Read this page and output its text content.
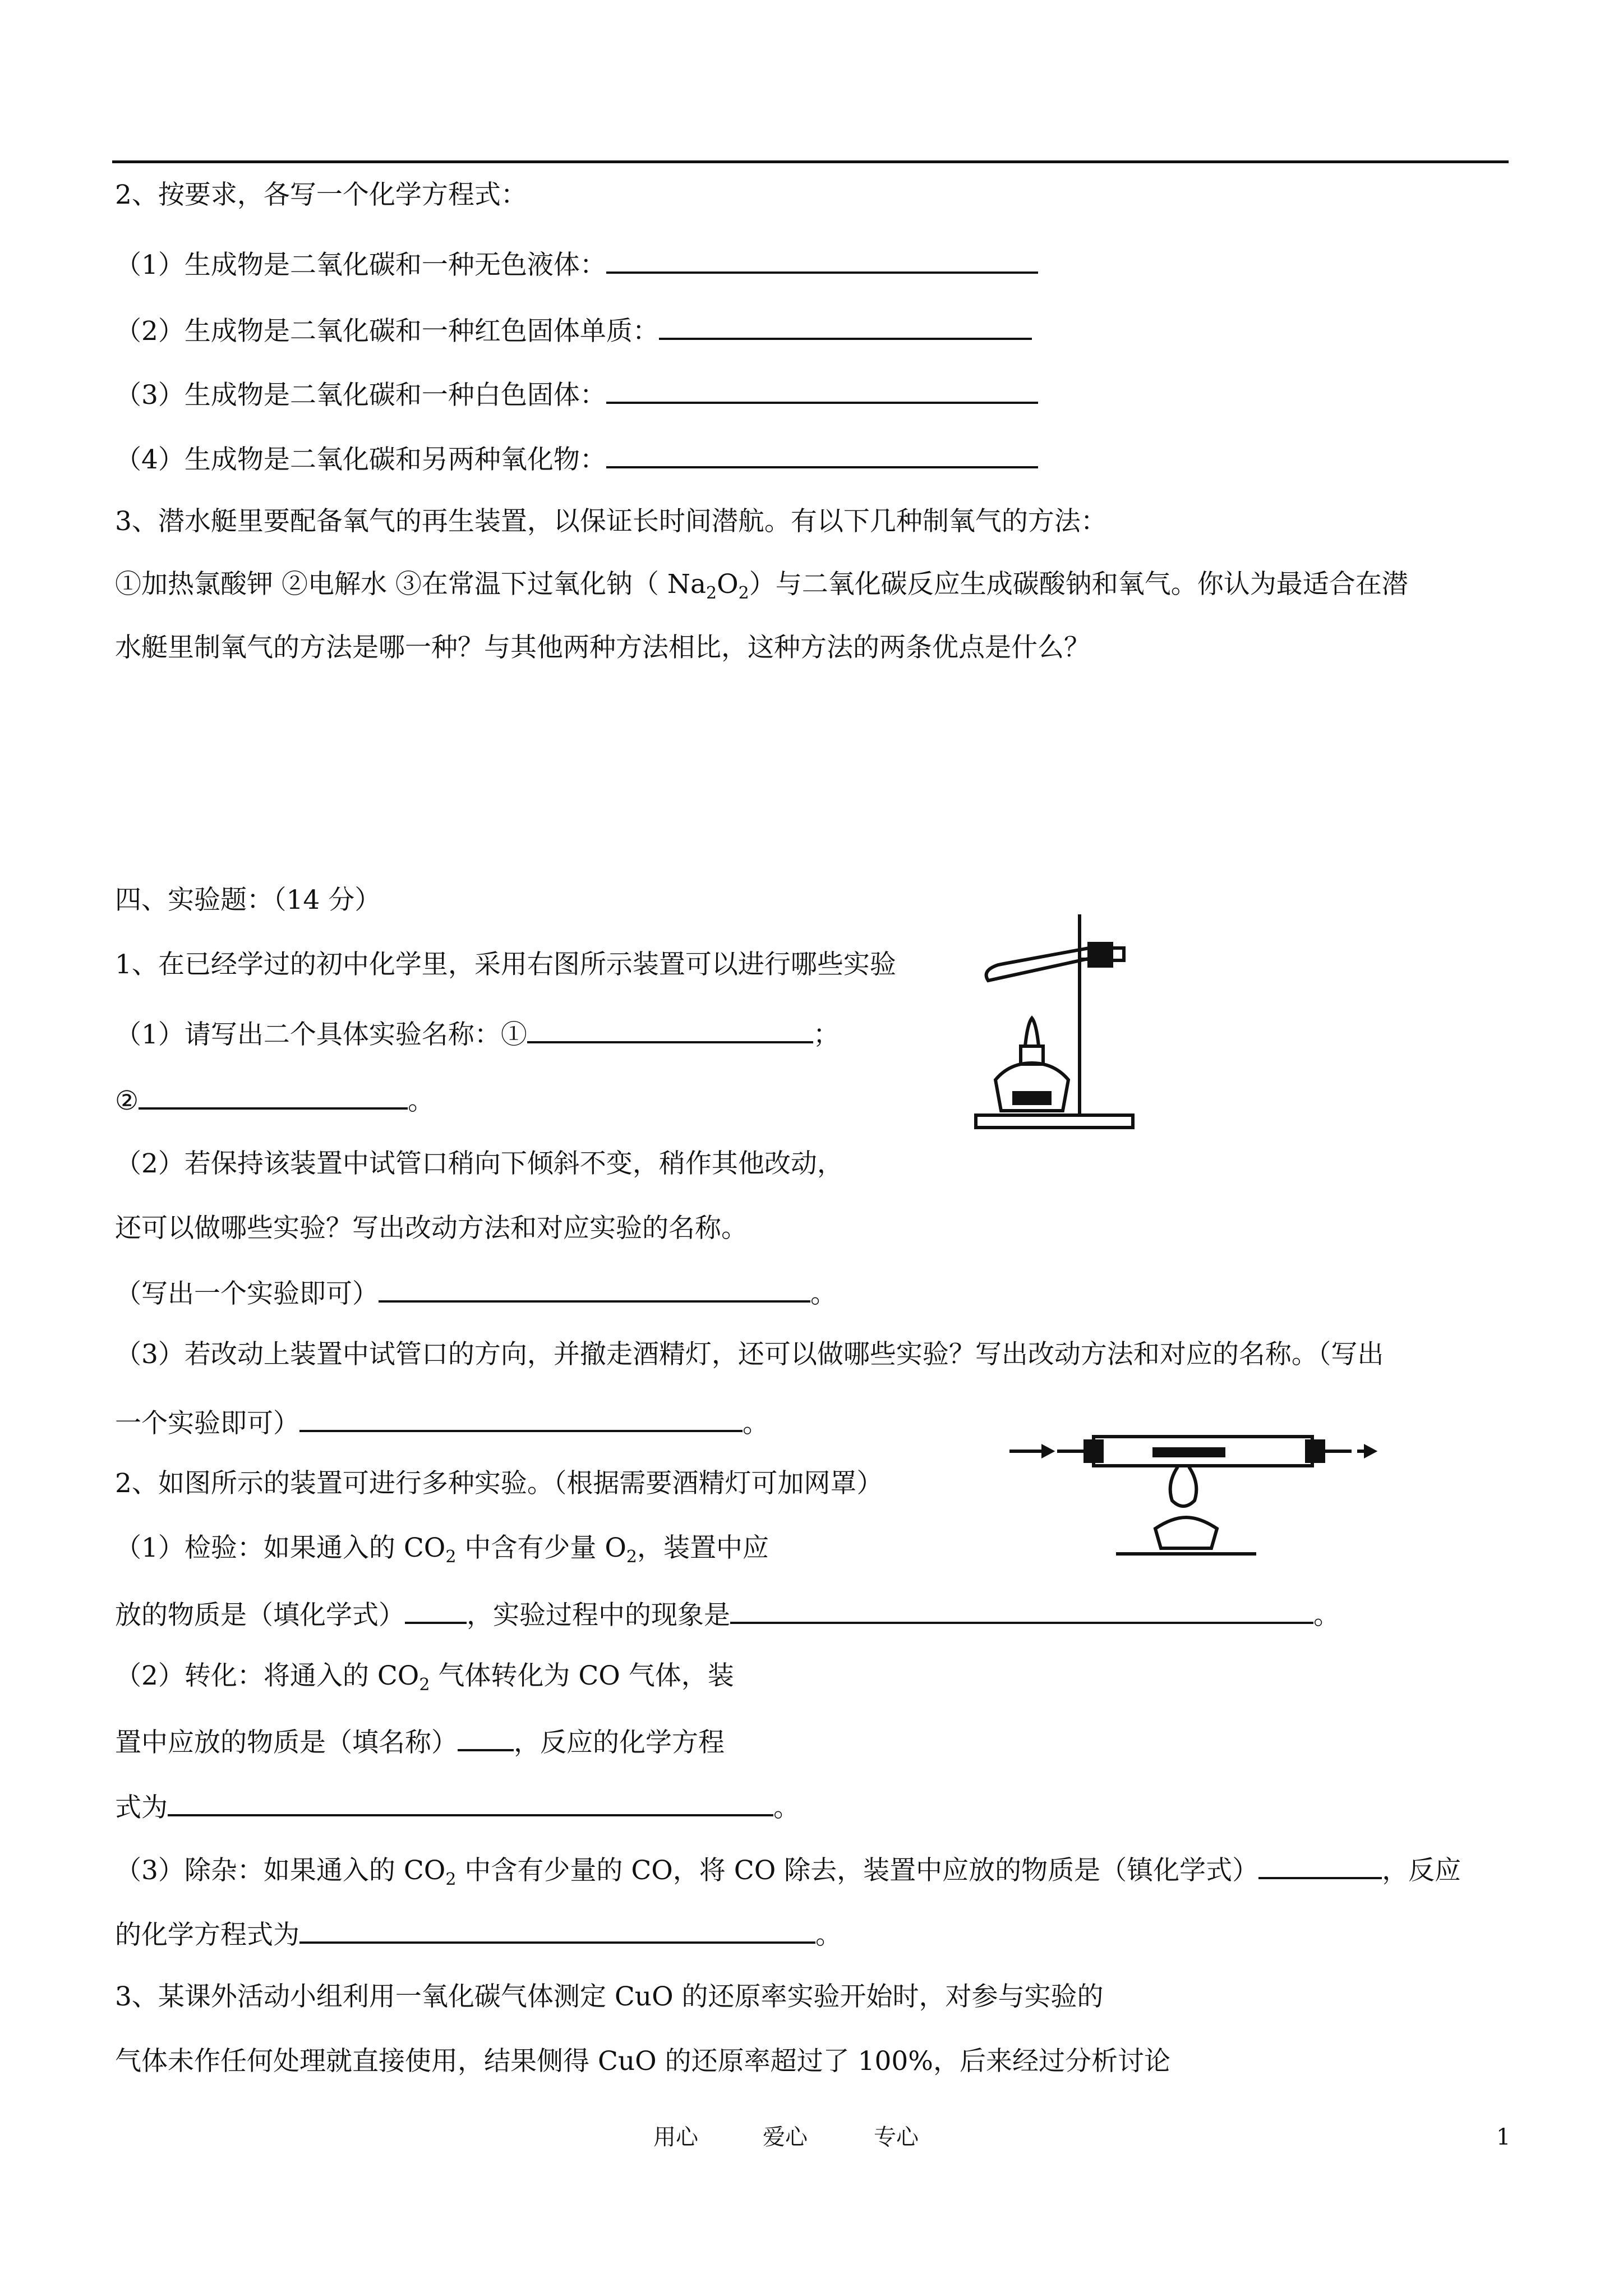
2、按要求，各写一个化学方程式：
（1）生成物是二氧化碳和一种无色液体：
（2）生成物是二氧化碳和一种红色固体单质：
（3）生成物是二氧化碳和一种白色固体：
（4）生成物是二氧化碳和另两种氧化物：
3、潜水艇里要配备氧气的再生装置，以保证长时间潜航。有以下几种制氧气的方法：
①加热氯酸钾 ②电解水 ③在常温下过氧化钠（ $Na_2O_2$）与二氧化碳反应生成碳酸钠和氧气。你认为最适合在潜
水艇里制氧气的方法是哪一种？与其他两种方法相比，这种方法的两条优点是什么？
四、实验题：（14 分）
1、在已经学过的初中化学里，采用右图所示装置可以进行哪些实验
（1）请写出二个具体实验名称：①	；
②	。
（2）若保持该装置中试管口稍向下倾斜不变，稍作其他改动，
还可以做哪些实验？写出改动方法和对应实验的名称。
（写出一个实验即可）	。
（3）若改动上装置中试管口的方向，并撤走酒精灯，还可以做哪些实验？写出改动方法和对应的名称。（写出
一个实验即可）	。
2、如图所示的装置可进行多种实验。（根据需要酒精灯可加网罩）
（1）检验：如果通入的 $CO_2$ 中含有少量 $O_2$，装置中应
放的物质是（填化学式） ，实验过程中的现象是	。
（2）转化：将通入的 $CO_2$ 气体转化为 CO 气体，装
置中应放的物质是（填名称） ，反应的化学方程
式为	。
（3）除杂：如果通入的 $CO_2$ 中含有少量的 CO，将 CO 除去，装置中应放的物质是（镇化学式）	，反应
的化学方程式为	。
3、某课外活动小组利用一氧化碳气体测定 CuO 的还原率实验开始时，对参与实验的
气体未作任何处理就直接使用，结果侧得 CuO 的还原率超过了 100%，后来经过分析讨论
用心	爱心	专心	1
